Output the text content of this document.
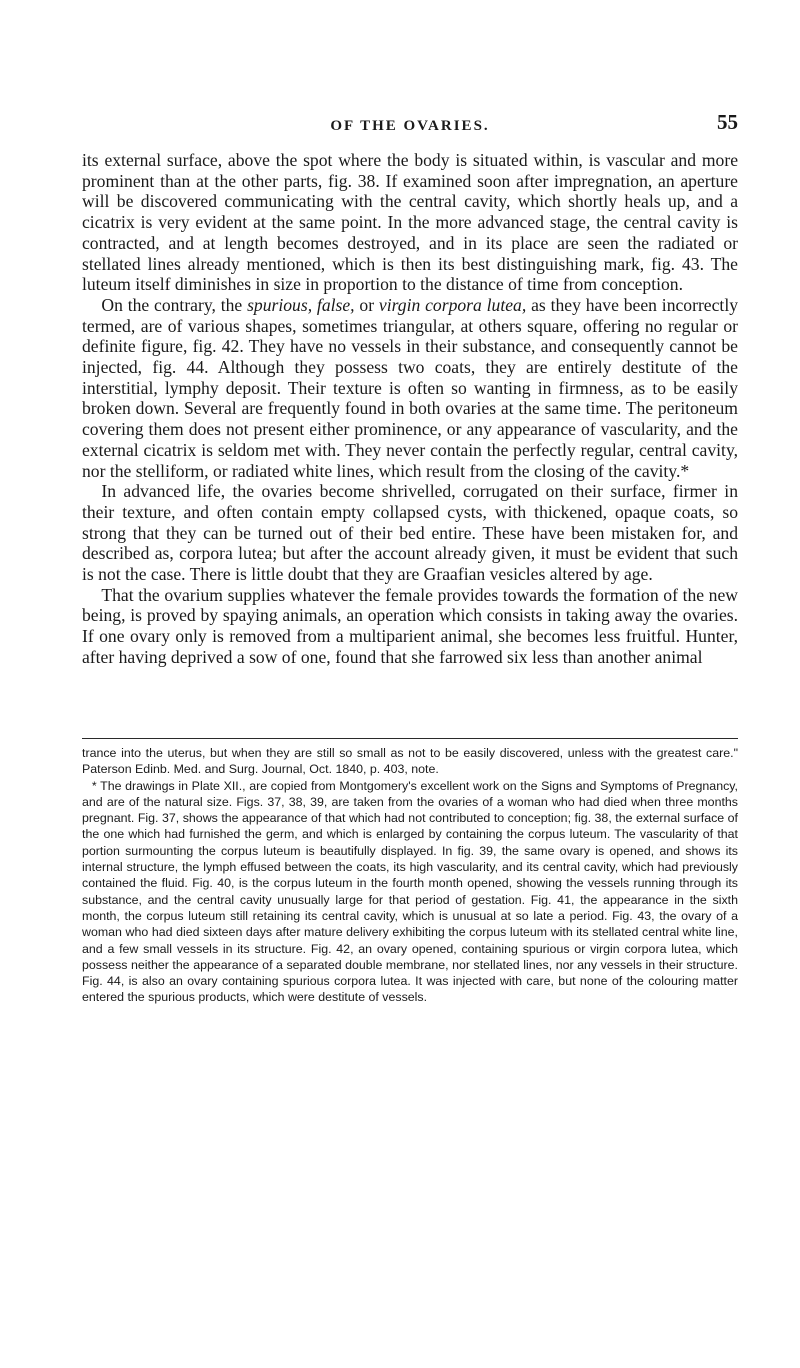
OF THE OVARIES.	55

its external surface, above the spot where the body is situated within, is vascular and more prominent than at the other parts, fig. 38. If examined soon after impregnation, an aperture will be discovered communicating with the central cavity, which shortly heals up, and a cicatrix is very evident at the same point. In the more advanced stage, the central cavity is contracted, and at length becomes destroyed, and in its place are seen the radiated or stellated lines already mentioned, which is then its best distinguishing mark, fig. 43. The luteum itself diminishes in size in proportion to the distance of time from conception.

On the contrary, the spurious, false, or virgin corpora lutea, as they have been incorrectly termed, are of various shapes, sometimes triangular, at others square, offering no regular or definite figure, fig. 42. They have no vessels in their substance, and consequently cannot be injected, fig. 44. Although they possess two coats, they are entirely destitute of the interstitial, lymphy deposit. Their texture is often so wanting in firmness, as to be easily broken down. Several are frequently found in both ovaries at the same time. The peritoneum covering them does not present either prominence, or any appearance of vascularity, and the external cicatrix is seldom met with. They never contain the perfectly regular, central cavity, nor the stelliform, or radiated white lines, which result from the closing of the cavity.*

In advanced life, the ovaries become shrivelled, corrugated on their surface, firmer in their texture, and often contain empty collapsed cysts, with thickened, opaque coats, so strong that they can be turned out of their bed entire. These have been mistaken for, and described as, corpora lutea; but after the account already given, it must be evident that such is not the case. There is little doubt that they are Graafian vesicles altered by age.

That the ovarium supplies whatever the female provides towards the formation of the new being, is proved by spaying animals, an operation which consists in taking away the ovaries. If one ovary only is removed from a multiparient animal, she becomes less fruitful. Hunter, after having deprived a sow of one, found that she farrowed six less than another animal

trance into the uterus, but when they are still so small as not to be easily discovered, unless with the greatest care." Paterson Edinb. Med. and Surg. Journal, Oct. 1840, p. 403, note.

* The drawings in Plate XII., are copied from Montgomery's excellent work on the Signs and Symptoms of Pregnancy, and are of the natural size. Figs. 37, 38, 39, are taken from the ovaries of a woman who had died when three months pregnant. Fig. 37, shows the appearance of that which had not contributed to conception; fig. 38, the external surface of the one which had furnished the germ, and which is enlarged by containing the corpus luteum. The vascularity of that portion surmounting the corpus luteum is beautifully displayed. In fig. 39, the same ovary is opened, and shows its internal structure, the lymph effused between the coats, its high vascularity, and its central cavity, which had previously contained the fluid. Fig. 40, is the corpus luteum in the fourth month opened, showing the vessels running through its substance, and the central cavity unusually large for that period of gestation. Fig. 41, the appearance in the sixth month, the corpus luteum still retaining its central cavity, which is unusual at so late a period. Fig. 43, the ovary of a woman who had died sixteen days after mature delivery exhibiting the corpus luteum with its stellated central white line, and a few small vessels in its structure. Fig. 42, an ovary opened, containing spurious or virgin corpora lutea, which possess neither the appearance of a separated double membrane, nor stellated lines, nor any vessels in their structure. Fig. 44, is also an ovary containing spurious corpora lutea. It was injected with care, but none of the colouring matter entered the spurious products, which were destitute of vessels.
